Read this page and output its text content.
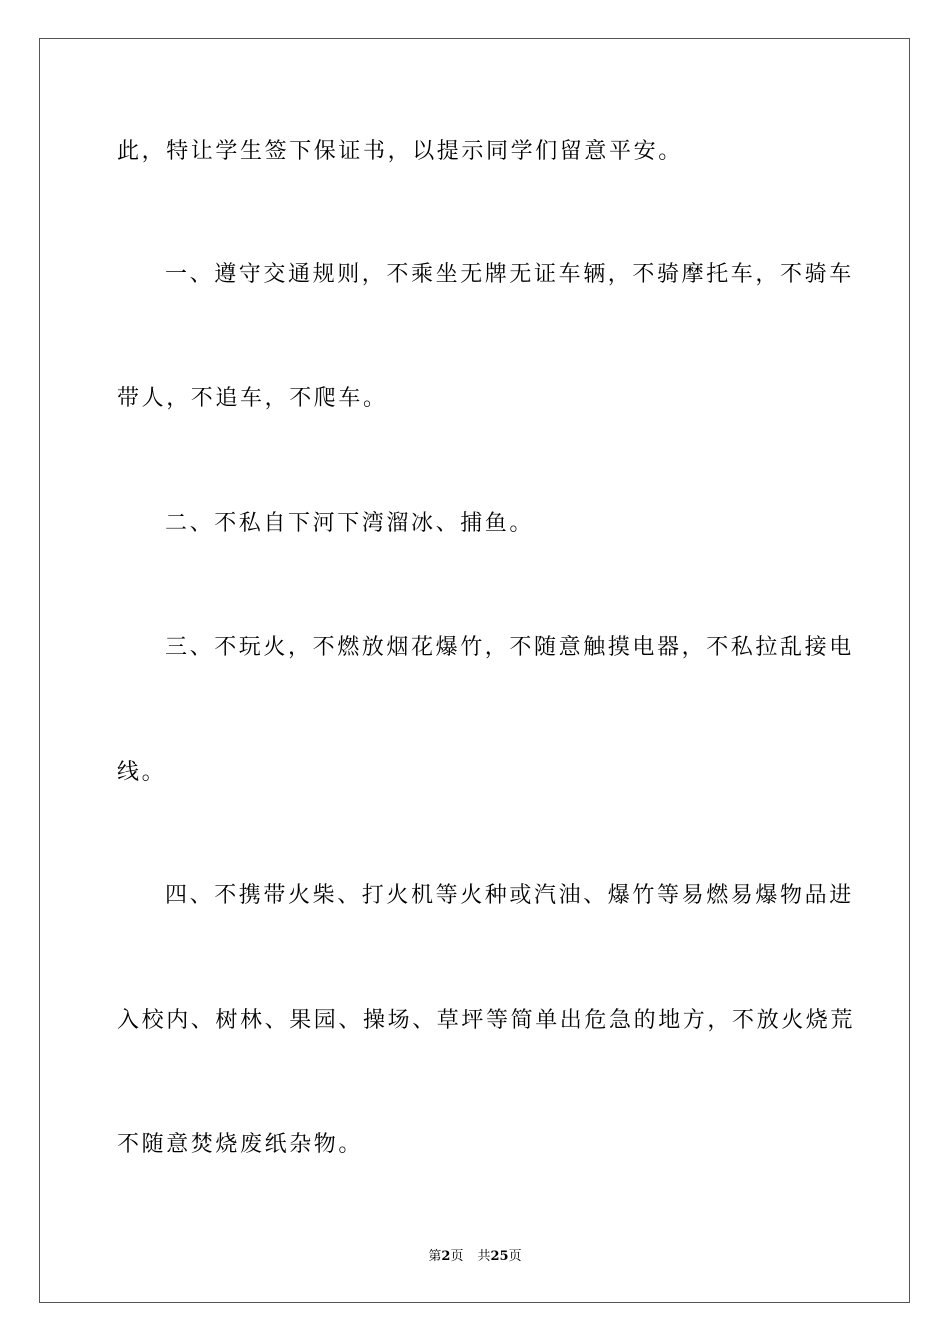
此，特让学生签下保证书，以提示同学们留意平安。
一、遵守交通规则，不乘坐无牌无证车辆，不骑摩托车，不骑车
带人，不追车，不爬车。
二、不私自下河下湾溜冰、捕鱼。
三、不玩火，不燃放烟花爆竹，不随意触摸电器，不私拉乱接电
线。
四、不携带火柴、打火机等火种或汽油、爆竹等易燃易爆物品进
入校内、树林、果园、操场、草坪等简单出危急的地方，不放火烧荒
不随意焚烧废纸杂物。
第2页 共25页
